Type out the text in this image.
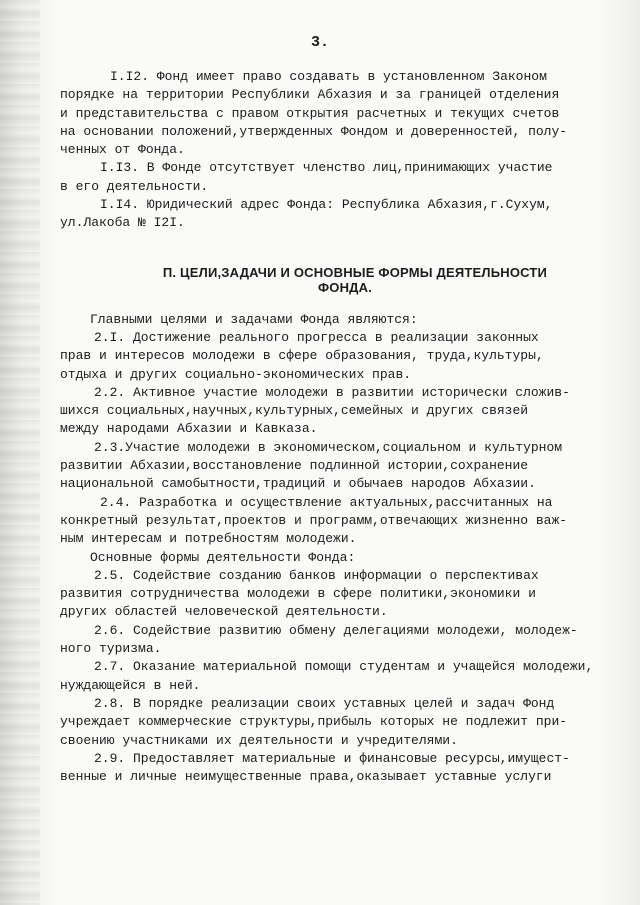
3.
I.I2. Фонд имеет право создавать в установленном Законом
порядке на территории Республики Абхазия и за границей отделения
и представительства с правом открытия расчетных и текущих счетов
на основании положений,утвержденных Фондом и доверенностей, полу-
ченных от Фонда.
I.I3. В Фонде отсутствует членство лиц,принимающих участие
в его деятельности.
I.I4. Юридический адрес Фонда: Республика Абхазия,г.Сухум,
ул.Лакоба № I2I.
П. ЦЕЛИ,ЗАДАЧИ И ОСНОВНЫЕ ФОРМЫ ДЕЯТЕЛЬНОСТИ
ФОНДА.
Главными целями и задачами Фонда являются:
2.I. Достижение реального прогресса в реализации законных
прав и интересов молодежи в сфере образования, труда,культуры,
отдыха и других социально-экономических прав.
2.2. Активное участие молодежи в развитии исторически сложив-
шихся социальных,научных,культурных,семейных и других связей
между народами Абхазии и Кавказа.
2.3.Участие молодежи в экономическом,социальном и культурном
развитии Абхазии,восстановление подлинной истории,сохранение
национальной самобытности,традиций и обычаев народов Абхазии.
2.4. Разработка и осуществление актуальных,рассчитанных на
конкретный результат,проектов и программ,отвечающих жизненно важ-
ным интересам и потребностям молодежи.
Основные формы деятельности Фонда:
2.5. Содействие созданию банков информации о перспективах
развития сотрудничества молодежи в сфере политики,экономики и
других областей человеческой деятельности.
2.6. Содействие развитию обмену делегациями молодежи, молодеж-
ного туризма.
2.7. Оказание материальной помощи студентам и учащейся молодежи,
нуждающейся в ней.
2.8. В порядке реализации своих уставных целей и задач Фонд
учреждает коммерческие структуры,прибыль которых не подлежит при-
своению участниками их деятельности и учредителями.
2.9. Предоставляет материальные и финансовые ресурсы,имущест-
венные и личные неимущественные права,оказывает уставные услуги
